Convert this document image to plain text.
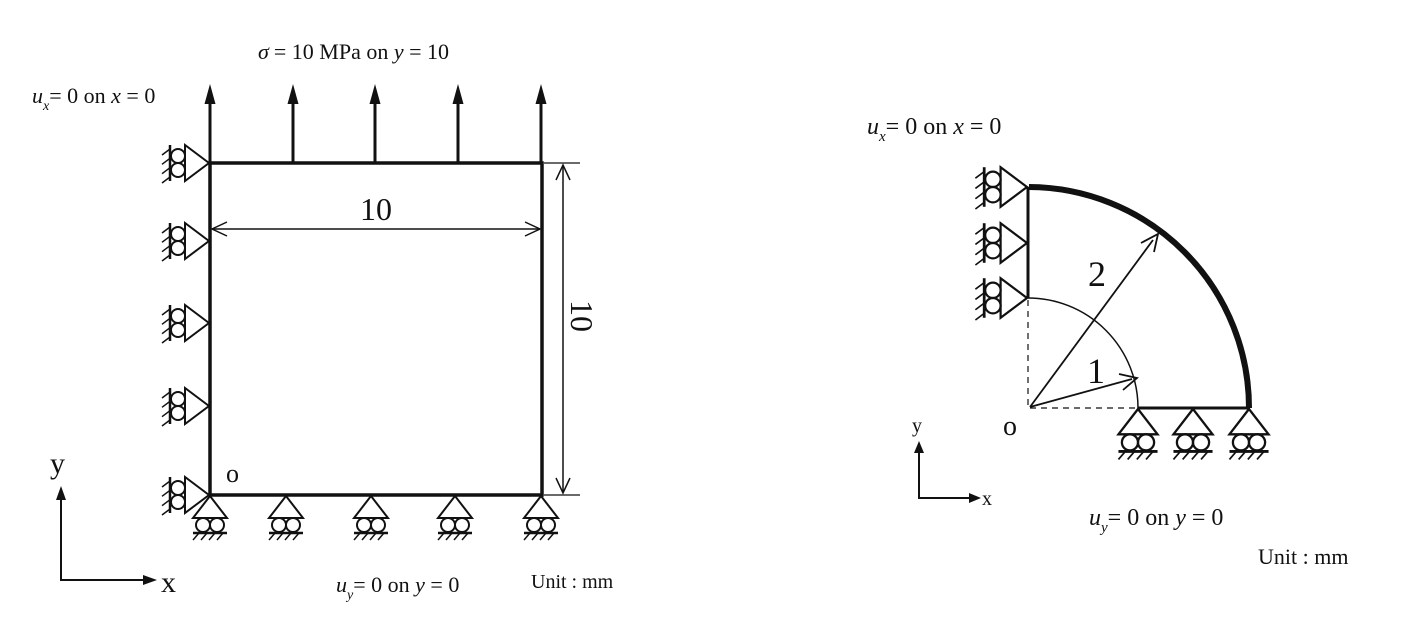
σ = 10 MPa on y = 10
$u_x= 0$ on x = 0
10
10
o
$u_y= 0$ on y = 0	Unit : mm
y
x
2
1
o
$u_x= 0$ on x = 0
$u_y= 0$ on y = 0
Unit : mm
y
x
